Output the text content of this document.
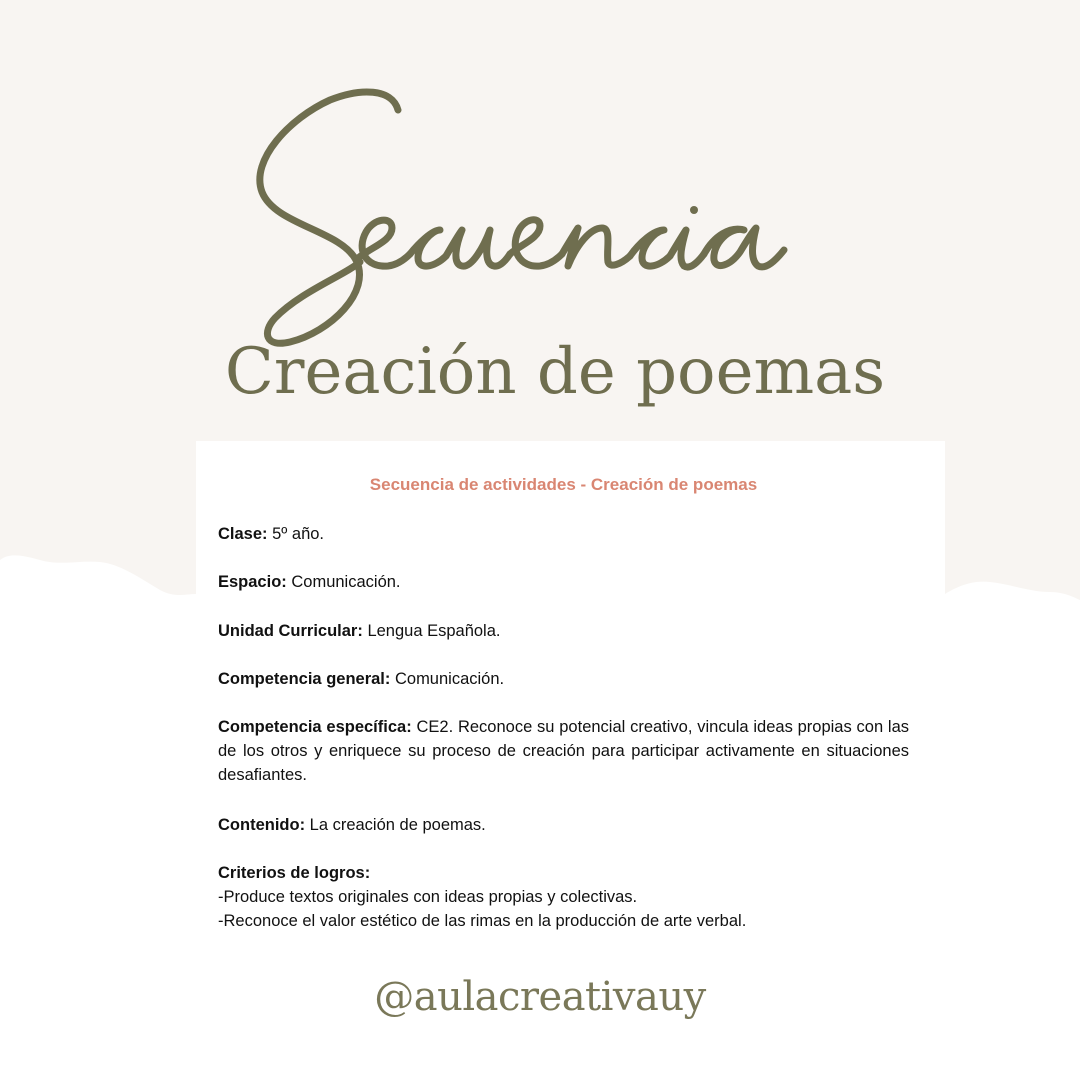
Creación de poemas
Secuencia de actividades - Creación de poemas

Clase: 5º año.

Espacio: Comunicación.

Unidad Curricular: Lengua Española.

Competencia general: Comunicación.

Competencia específica: CE2. Reconoce su potencial creativo, vincula ideas propias con las de los otros y enriquece su proceso de creación para participar activamente en situaciones desafiantes.

Contenido: La creación de poemas.

Criterios de logros:
-Produce textos originales con ideas propias y colectivas.
-Reconoce el valor estético de las rimas en la producción de arte verbal.

@aulacreativauy
